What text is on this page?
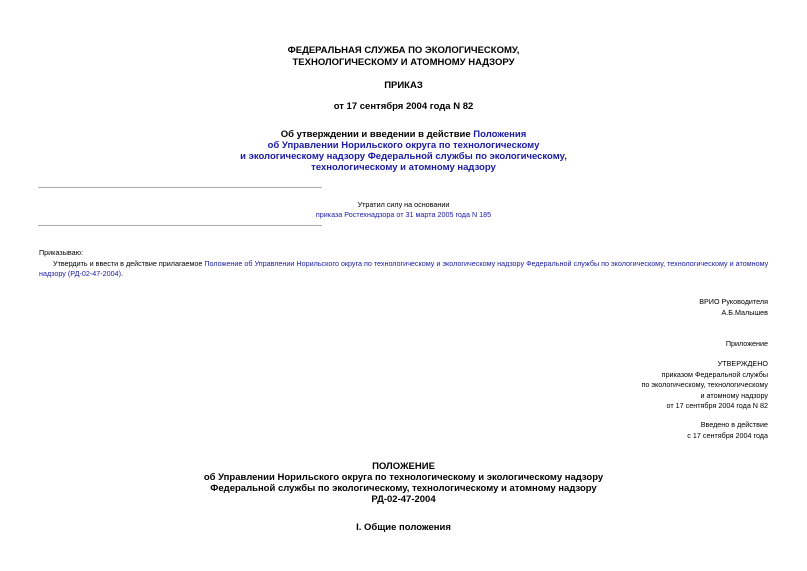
ФЕДЕРАЛЬНАЯ СЛУЖБА ПО ЭКОЛОГИЧЕСКОМУ,
ТЕХНОЛОГИЧЕСКОМУ И АТОМНОМУ НАДЗОРУ
ПРИКАЗ
от 17 сентября 2004 года N 82
Об утверждении и введении в действие Положения
об Управлении Норильского округа по технологическому
и экологическому надзору Федеральной службы по экологическому,
технологическому и атомному надзору
Утратил силу на основании
приказа Ростехнадзора от 31 марта 2005 года N 185
Приказываю:
Утвердить и ввести в действие прилагаемое Положение об Управлении Норильского округа по технологическому и экологическому надзору Федеральной службы по экологическому, технологическому и атомному надзору (РД-02-47-2004).
ВРИО Руководителя
А.Б.Малышев
Приложение
УТВЕРЖДЕНО
приказом Федеральной службы
по экологическому, технологическому
и атомному надзору
от 17 сентября 2004 года N 82
Введено в действие
с 17 сентября 2004 года
ПОЛОЖЕНИЕ
об Управлении Норильского округа по технологическому и экологическому надзору
Федеральной службы по экологическому, технологическому и атомному надзору
РД-02-47-2004
I. Общие положения
